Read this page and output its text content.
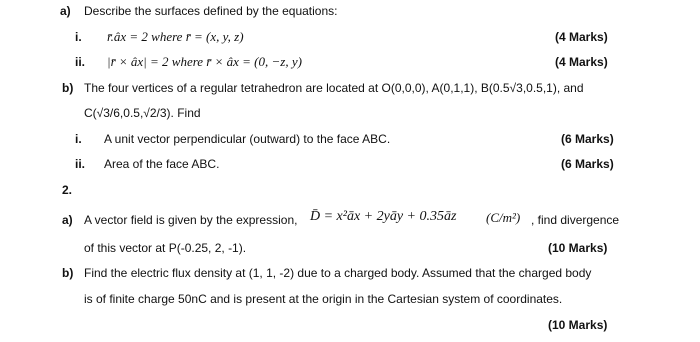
a) Describe the surfaces defined by the equations:
i. r̄.âx = 2 where r̄ = (x, y, z)	(4 Marks)
ii. |r̄ × âx| = 2 where r̄ × âx = (0, −z, y)	(4 Marks)
b) The four vertices of a regular tetrahedron are located at O(0,0,0), A(0,1,1), B(0.5√3,0.5,1), and
C(√3/6,0.5,√2/3). Find
i. A unit vector perpendicular (outward) to the face ABC.	(6 Marks)
ii. Area of the face ABC.	(6 Marks)
2.
a) A vector field is given by the expression, D̄ = x²āx + 2yāy + 0.35āz (C/m²) , find divergence
of this vector at P(-0.25, 2, -1).	(10 Marks)
b) Find the electric flux density at (1, 1, -2) due to a charged body. Assumed that the charged body
is of finite charge 50nC and is present at the origin in the Cartesian system of coordinates.
(10 Marks)
